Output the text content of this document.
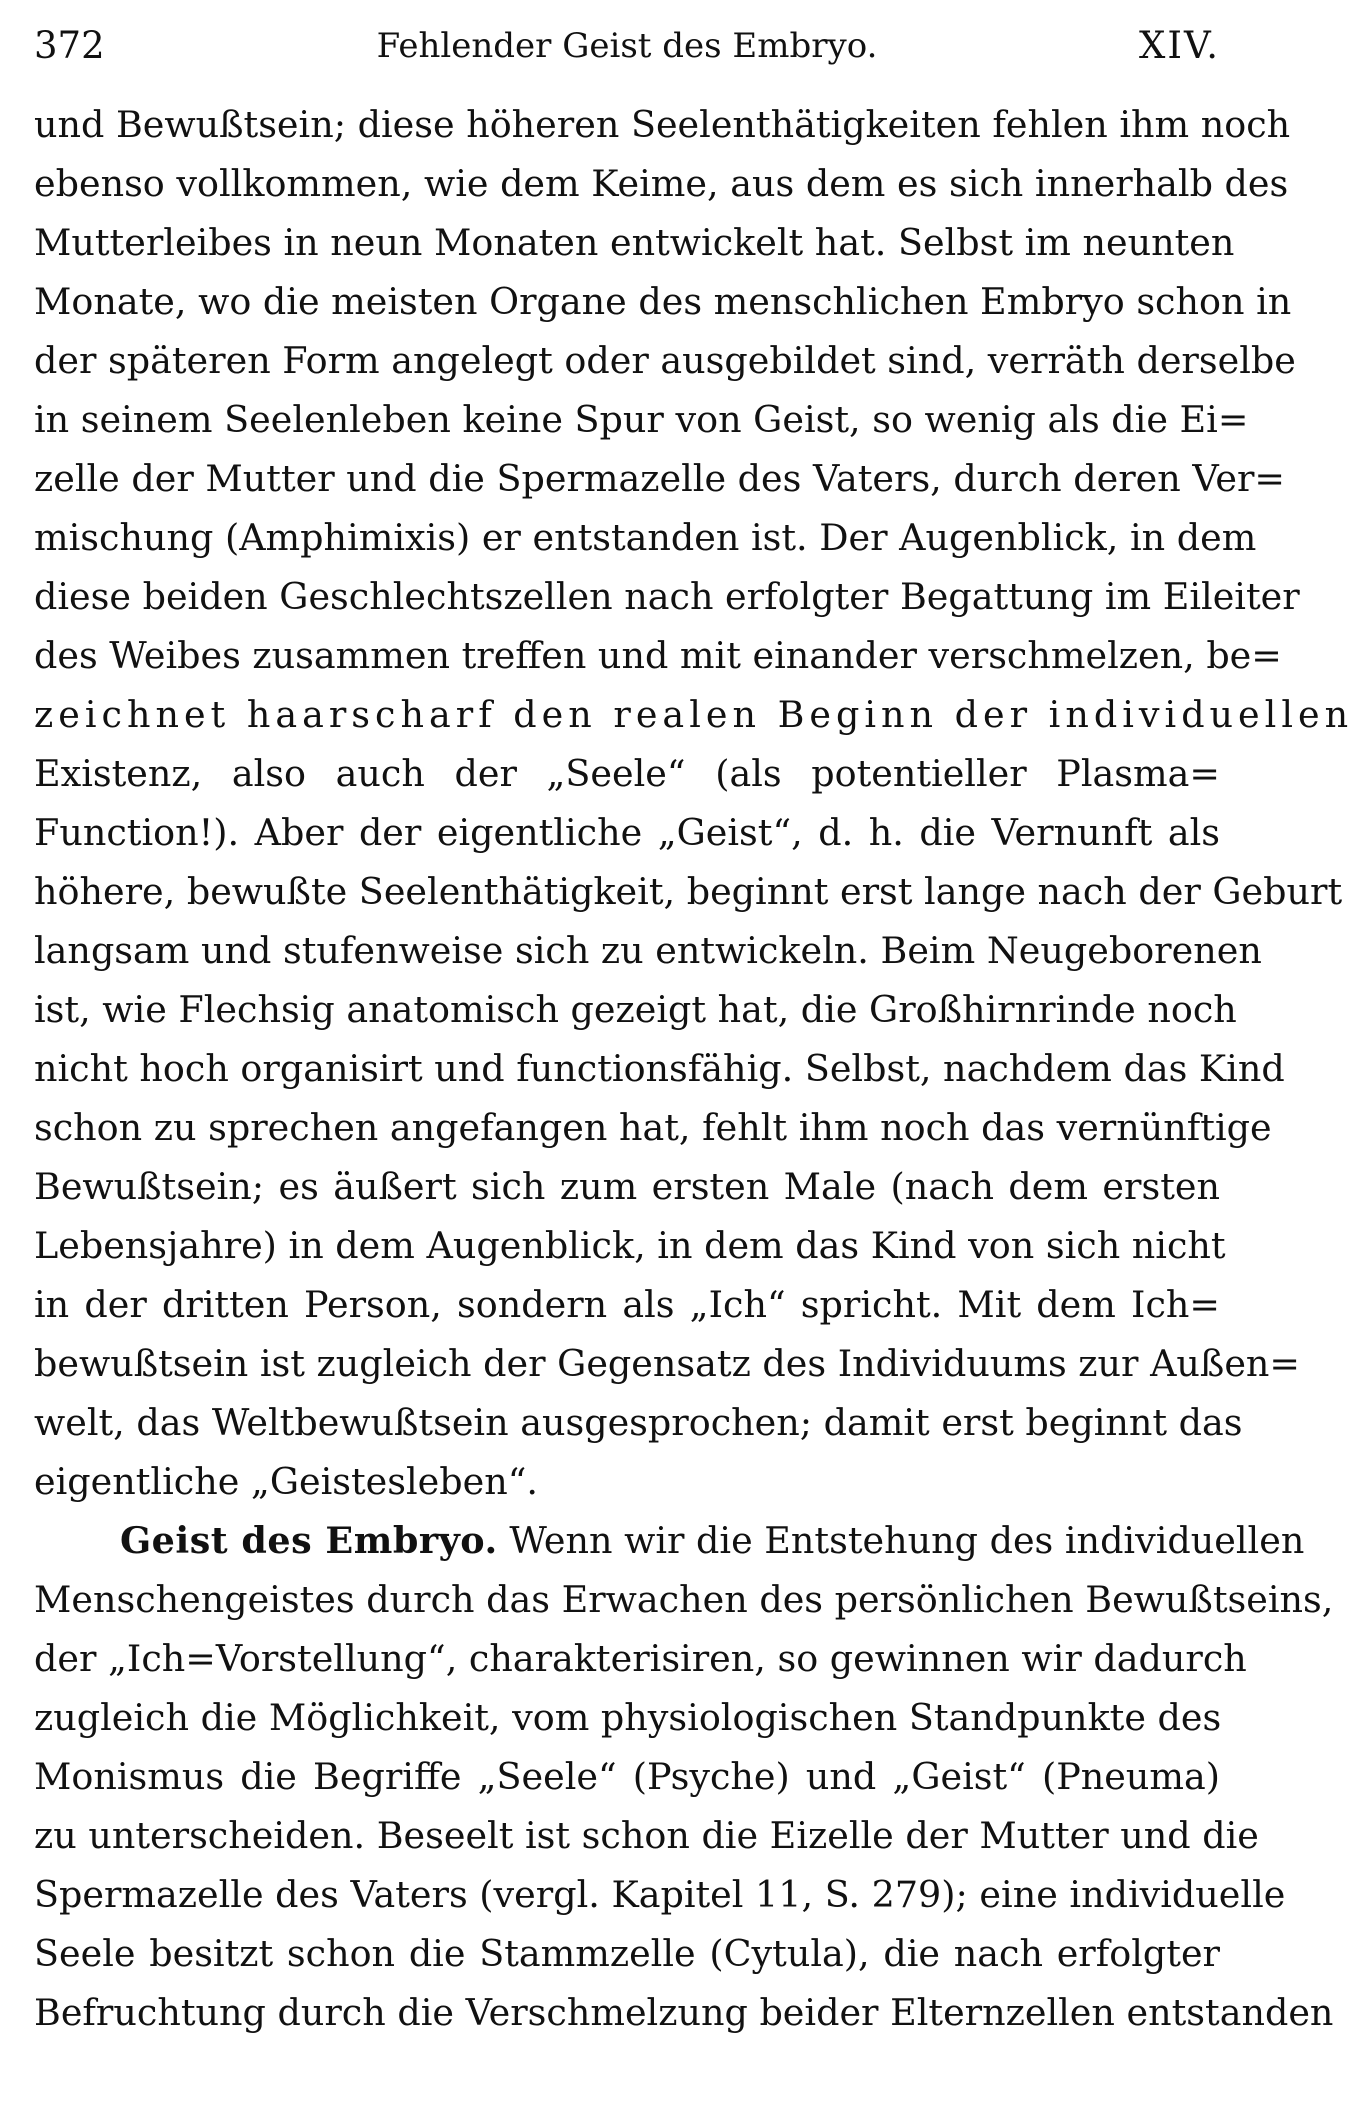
372	Fehlender Geist des Embryo.	XIV.
und Bewußtsein; diese höheren Seelenthätigkeiten fehlen ihm noch
ebenso vollkommen, wie dem Keime, aus dem es sich innerhalb des
Mutterleibes in neun Monaten entwickelt hat. Selbst im neunten
Monate, wo die meisten Organe des menschlichen Embryo schon in
der späteren Form angelegt oder ausgebildet sind, verräth derselbe
in seinem Seelenleben keine Spur von Geist, so wenig als die Ei=
zelle der Mutter und die Spermazelle des Vaters, durch deren Ver=
mischung (Amphimixis) er entstanden ist. Der Augenblick, in dem
diese beiden Geschlechtszellen nach erfolgter Begattung im Eileiter
des Weibes zusammen treffen und mit einander verschmelzen, be=
zeichnet haarscharf den realen Beginn der individuellen
Existenz, also auch der „Seele“ (als potentieller Plasma=
Function!). Aber der eigentliche „Geist“, d. h. die Vernunft als
höhere, bewußte Seelenthätigkeit, beginnt erst lange nach der Geburt
langsam und stufenweise sich zu entwickeln. Beim Neugeborenen
ist, wie Flechsig anatomisch gezeigt hat, die Großhirnrinde noch
nicht hoch organisirt und functionsfähig. Selbst, nachdem das Kind
schon zu sprechen angefangen hat, fehlt ihm noch das vernünftige
Bewußtsein; es äußert sich zum ersten Male (nach dem ersten
Lebensjahre) in dem Augenblick, in dem das Kind von sich nicht
in der dritten Person, sondern als „Ich“ spricht. Mit dem Ich=
bewußtsein ist zugleich der Gegensatz des Individuums zur Außen=
welt, das Weltbewußtsein ausgesprochen; damit erst beginnt das
eigentliche „Geistesleben“.
Geist des Embryo. Wenn wir die Entstehung des individuellen
Menschengeistes durch das Erwachen des persönlichen Bewußtseins,
der „Ich=Vorstellung“, charakterisiren, so gewinnen wir dadurch
zugleich die Möglichkeit, vom physiologischen Standpunkte des
Monismus die Begriffe „Seele“ (Psyche) und „Geist“ (Pneuma)
zu unterscheiden. Beseelt ist schon die Eizelle der Mutter und die
Spermazelle des Vaters (vergl. Kapitel 11, S. 279); eine individuelle
Seele besitzt schon die Stammzelle (Cytula), die nach erfolgter
Befruchtung durch die Verschmelzung beider Elternzellen entstanden
